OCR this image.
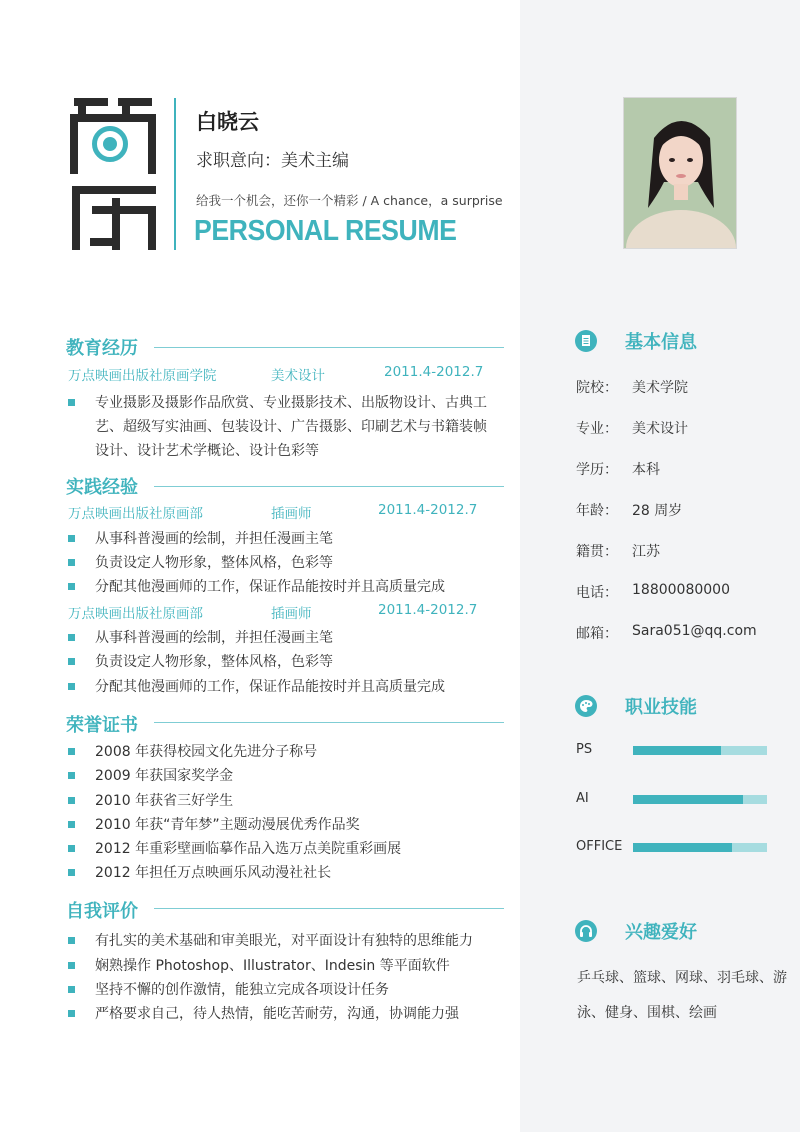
白晓云
求职意向：美术主编
给我一个机会，还你一个精彩 / A chance，a surprise
PERSONAL RESUME
教育经历
万点映画出版社原画学院	美术设计	2011.4-2012.7
专业摄影及摄影作品欣赏、专业摄影技术、出版物设计、古典工艺、超级写实油画、包装设计、广告摄影、印刷艺术与书籍装帧设计、设计艺术学概论、设计色彩等
实践经验
万点映画出版社原画部	插画师	2011.4-2012.7
从事科普漫画的绘制，并担任漫画主笔
负责设定人物形象，整体风格，色彩等
分配其他漫画师的工作，保证作品能按时并且高质量完成
万点映画出版社原画部	插画师	2011.4-2012.7
从事科普漫画的绘制，并担任漫画主笔
负责设定人物形象，整体风格，色彩等
分配其他漫画师的工作，保证作品能按时并且高质量完成
荣誉证书
2008 年获得校园文化先进分子称号
2009 年获国家奖学金
2010 年获省三好学生
2010 年获“青年梦”主题动漫展优秀作品奖
2012 年重彩壁画临摹作品入选万点美院重彩画展
2012 年担任万点映画乐风动漫社社长
自我评价
有扎实的美术基础和审美眼光，对平面设计有独特的思维能力
娴熟操作 Photoshop、Illustrator、Indesin 等平面软件
坚持不懈的创作激情，能独立完成各项设计任务
严格要求自己，待人热情，能吃苦耐劳，沟通，协调能力强
基本信息
院校： 美术学院
专业： 美术设计
学历： 本科
年龄： 28 周岁
籍贯： 江苏
电话： 18800080000
邮箱： Sara051@qq.com
职业技能
PS
AI
OFFICE
兴趣爱好
乒乓球、篮球、网球、羽毛球、游泳、健身、围棋、绘画
